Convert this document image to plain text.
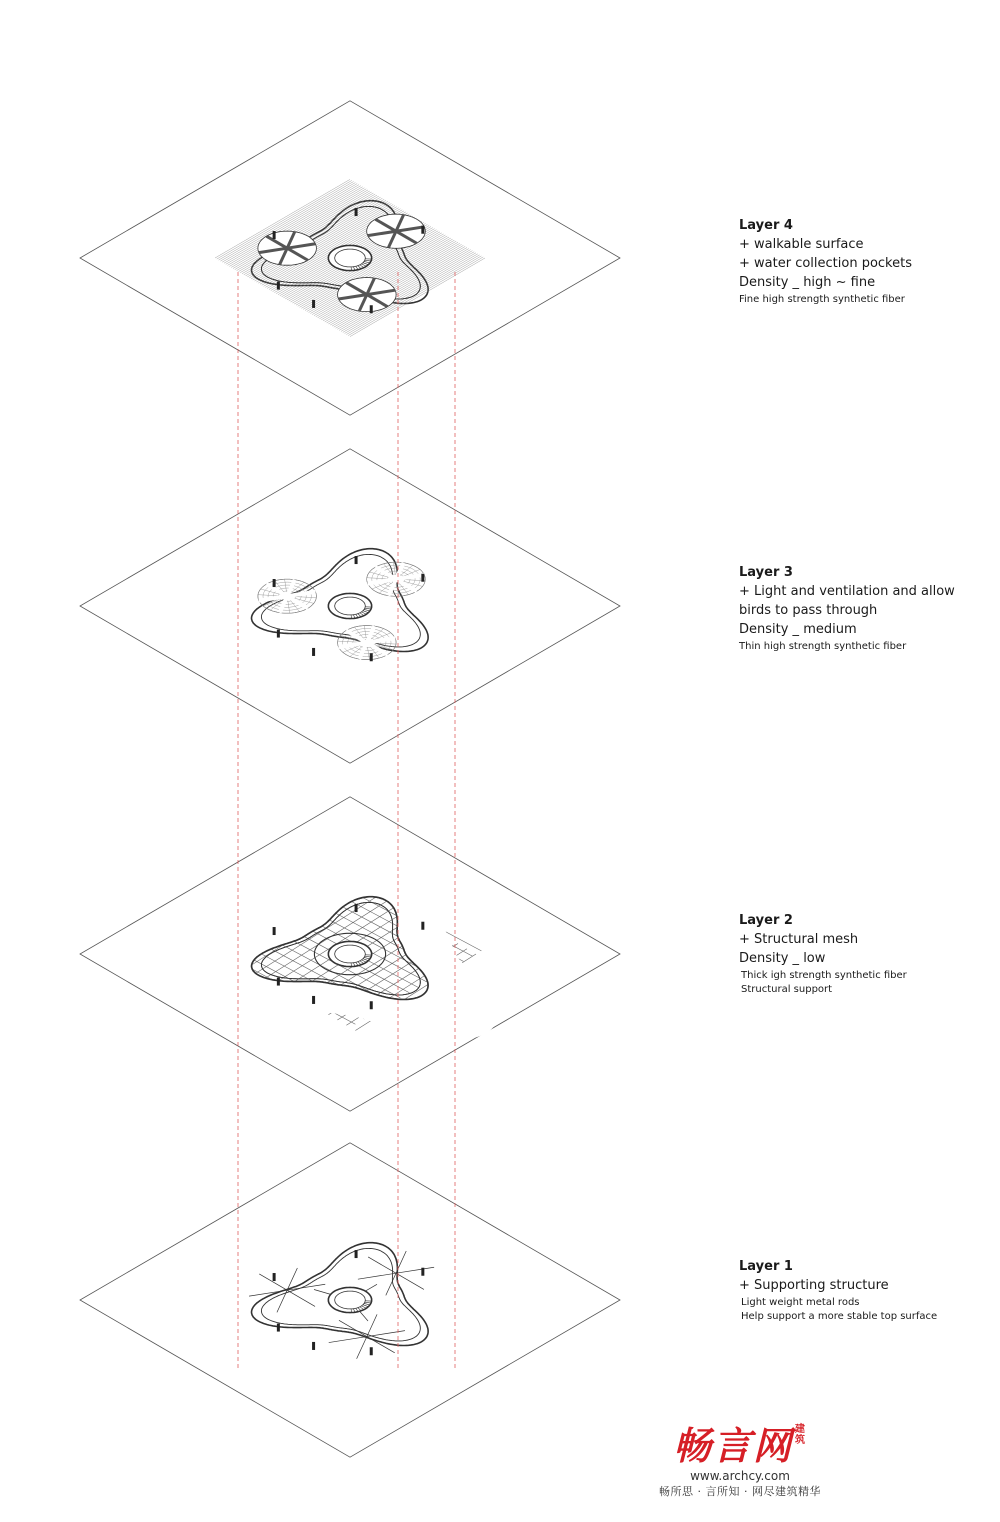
Layer 4
+ walkable surface
+ water collection pockets
Density _ high ~ fine
Fine high strength synthetic fiber
Layer 3
+ Light and ventilation and allow
birds to pass through
Density _ medium
Thin high strength synthetic fiber
Layer 2
+ Structural mesh
Density _ low
Thick igh strength synthetic fiber
Structural support
Layer 1
+ Supporting structure
Light weight metal rods
Help support a more stable top surface
畅言网 建筑
www.archcy.com
畅所思 · 言所知 · 网尽建筑精华
